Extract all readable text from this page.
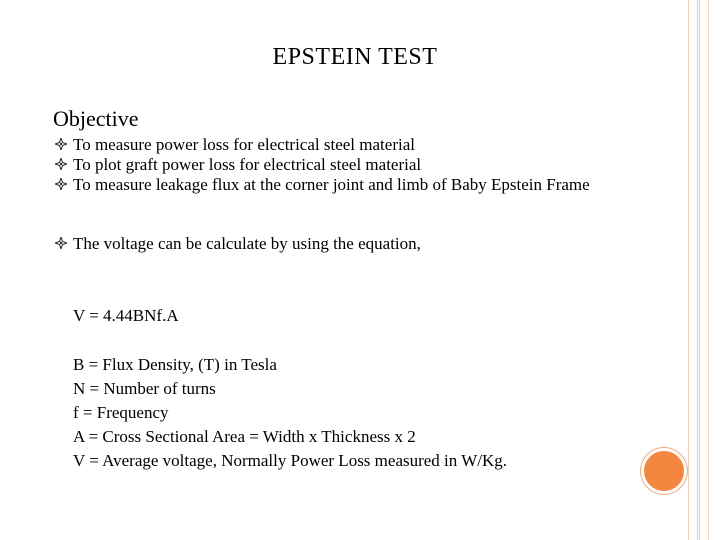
EPSTEIN TEST
Objective
To measure power loss for electrical steel material
To plot graft power loss for electrical steel material
To measure leakage flux at the corner joint and limb of Baby Epstein Frame
The voltage can be calculate by using the equation,
V = 4.44BNf.A
B = Flux Density, (T) in Tesla
N = Number of turns
f = Frequency
A = Cross Sectional Area = Width x Thickness x 2
V = Average voltage, Normally Power Loss measured in W/Kg.
